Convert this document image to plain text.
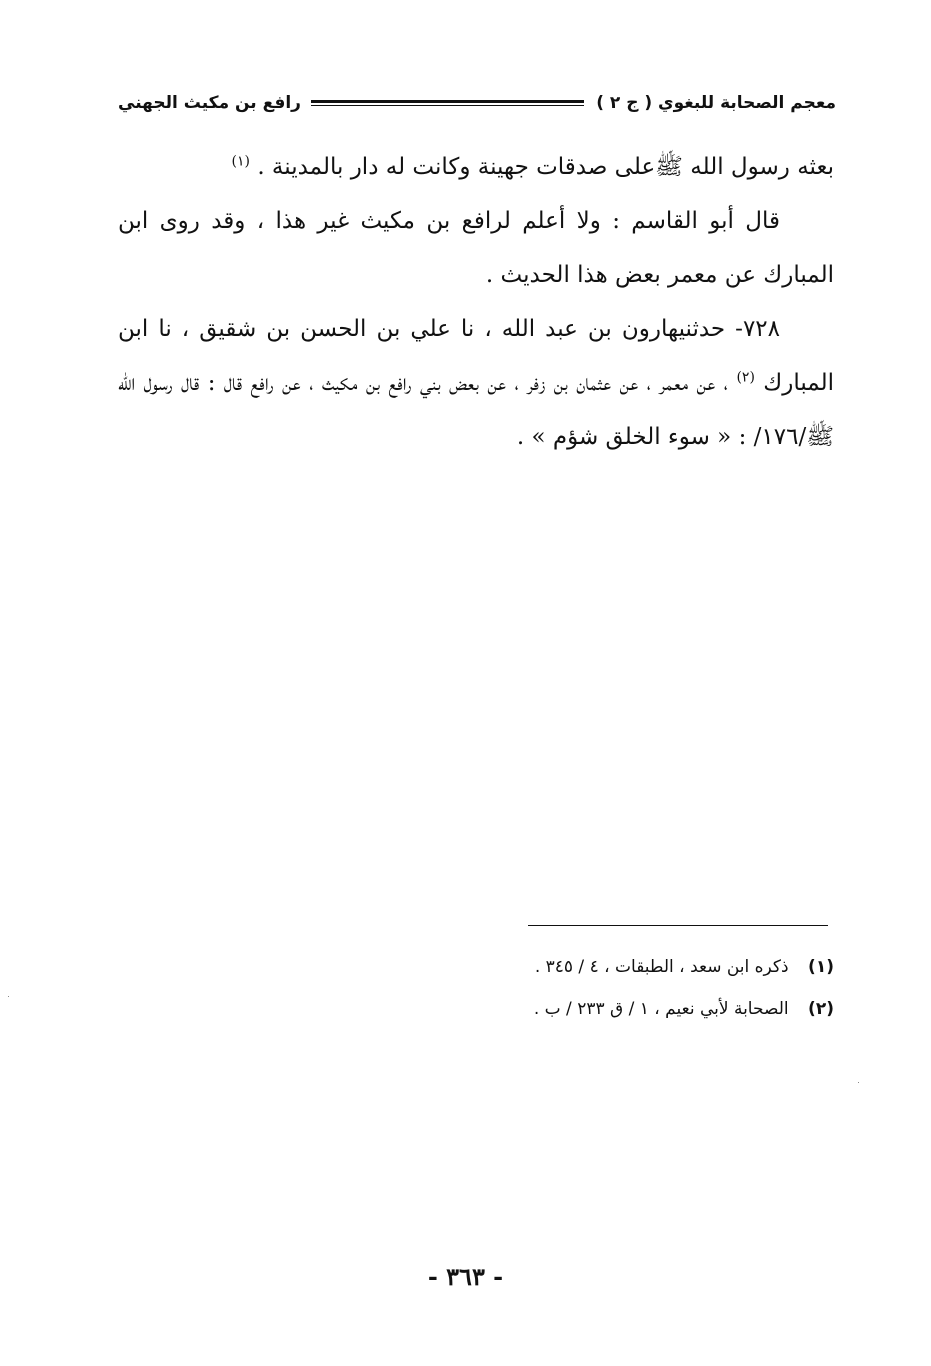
معجم الصحابة للبغوي ( ج ٢ )
رافع بن مكيث الجهني

بعثه رسول الله ﷺعلى صدقات جهينة وكانت له دار بالمدينة . $^{(١)}$

قال أبو القاسم : ولا أعلم لرافع بن مكيث غير هذا ، وقد روى ابن المبارك عن معمر بعض هذا الحديث .

٧٢٨- حدثنيهارون بن عبد الله ، نا علي بن الحسن بن شقيق ، نا ابن المبارك $^{(٢)}$ ، عن معمر ، عن عثمان بن زفر ، عن بعض بني رافع بن مكيث ، عن رافع قال : قال رسول الله ﷺ/١٧٦/ : « سوء الخلق شؤم » .

(١) ذكره ابن سعد ، الطبقات ، ٤ / ٣٤٥ .
(٢) الصحابة لأبي نعيم ، ١ / ق ٢٣٣ / ب .
- ٣٦٣ -
